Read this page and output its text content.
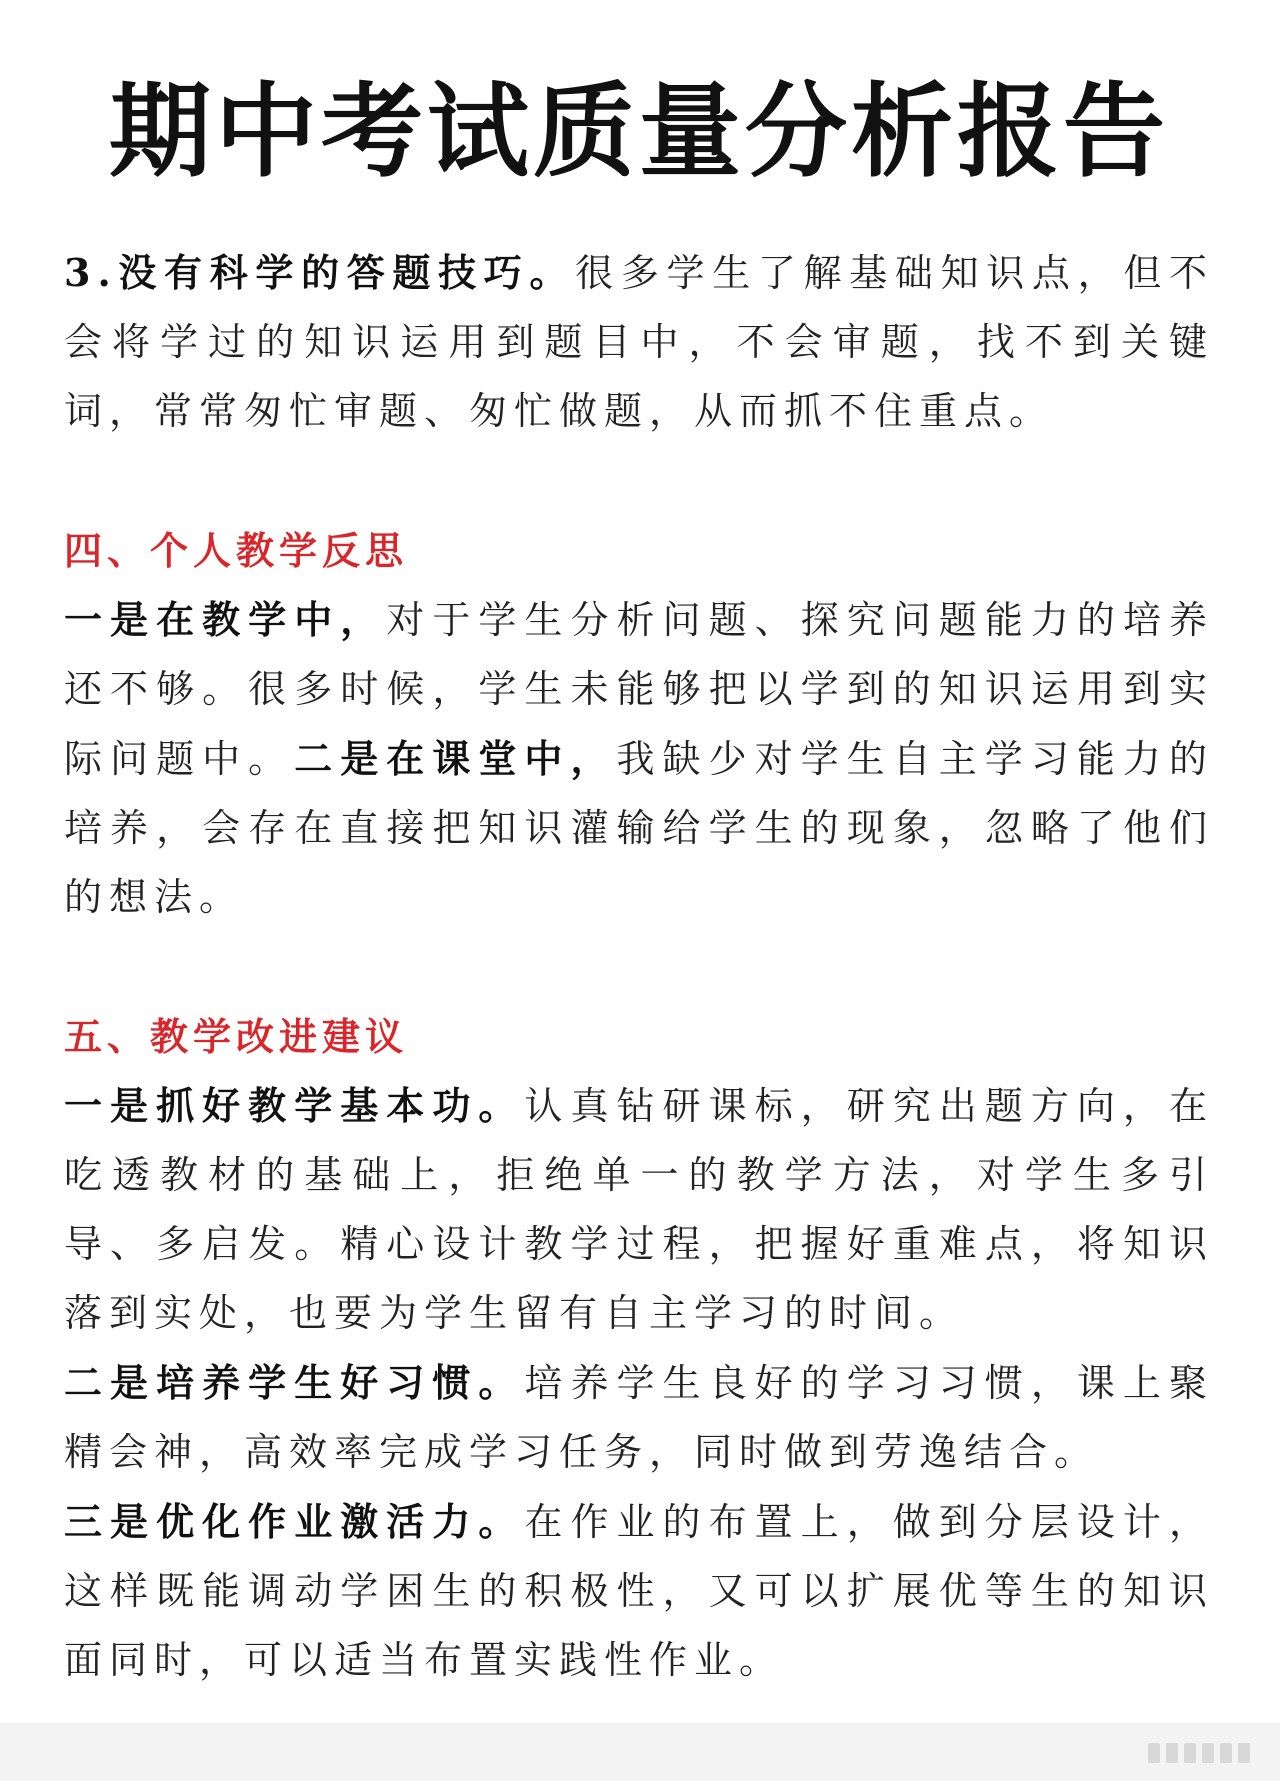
期中考试质量分析报告

3.没有科学的答题技巧。很多学生了解基础知识点，但不会将学过的知识运用到题目中，不会审题，找不到关键词，常常匆忙审题、匆忙做题，从而抓不住重点。

四、个人教学反思

一是在教学中，对于学生分析问题、探究问题能力的培养还不够。很多时候，学生未能够把以学到的知识运用到实际问题中。二是在课堂中，我缺少对学生自主学习能力的培养，会存在直接把知识灌输给学生的现象，忽略了他们的想法。

五、教学改进建议

一是抓好教学基本功。认真钻研课标，研究出题方向，在吃透教材的基础上，拒绝单一的教学方法，对学生多引导、多启发。精心设计教学过程，把握好重难点，将知识落到实处，也要为学生留有自主学习的时间。

二是培养学生好习惯。培养学生良好的学习习惯，课上聚精会神，高效率完成学习任务，同时做到劳逸结合。

三是优化作业激活力。在作业的布置上，做到分层设计，这样既能调动学困生的积极性，又可以扩展优等生的知识面同时，可以适当布置实践性作业。
